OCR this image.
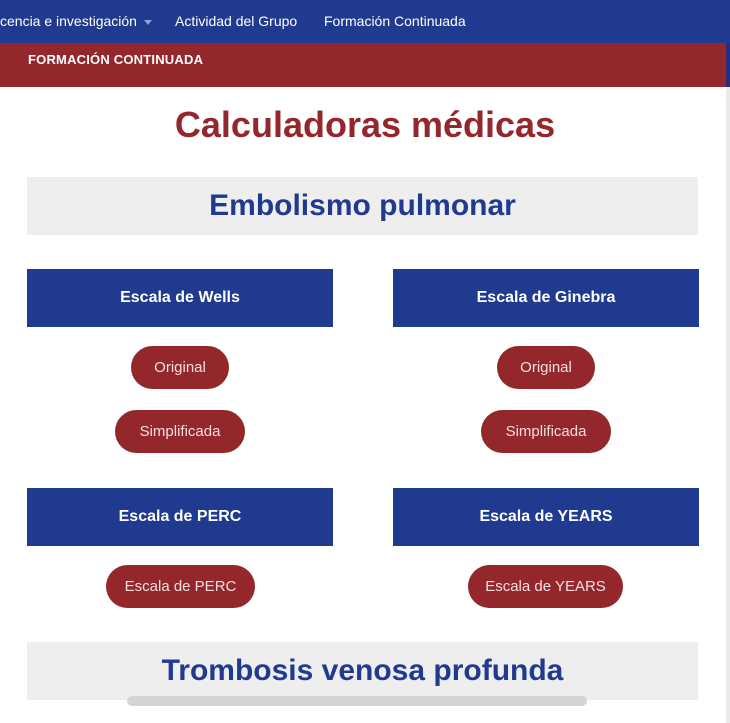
cencia e investigación	Actividad del Grupo Formación Continuada
FORMACIÓN CONTINUADA
Calculadoras médicas
Embolismo pulmonar
Escala de Wells
Original
Simplificada
Escala de Ginebra
Original
Simplificada
Escala de PERC
Escala de PERC
Escala de YEARS
Escala de YEARS
Trombosis venosa profunda
